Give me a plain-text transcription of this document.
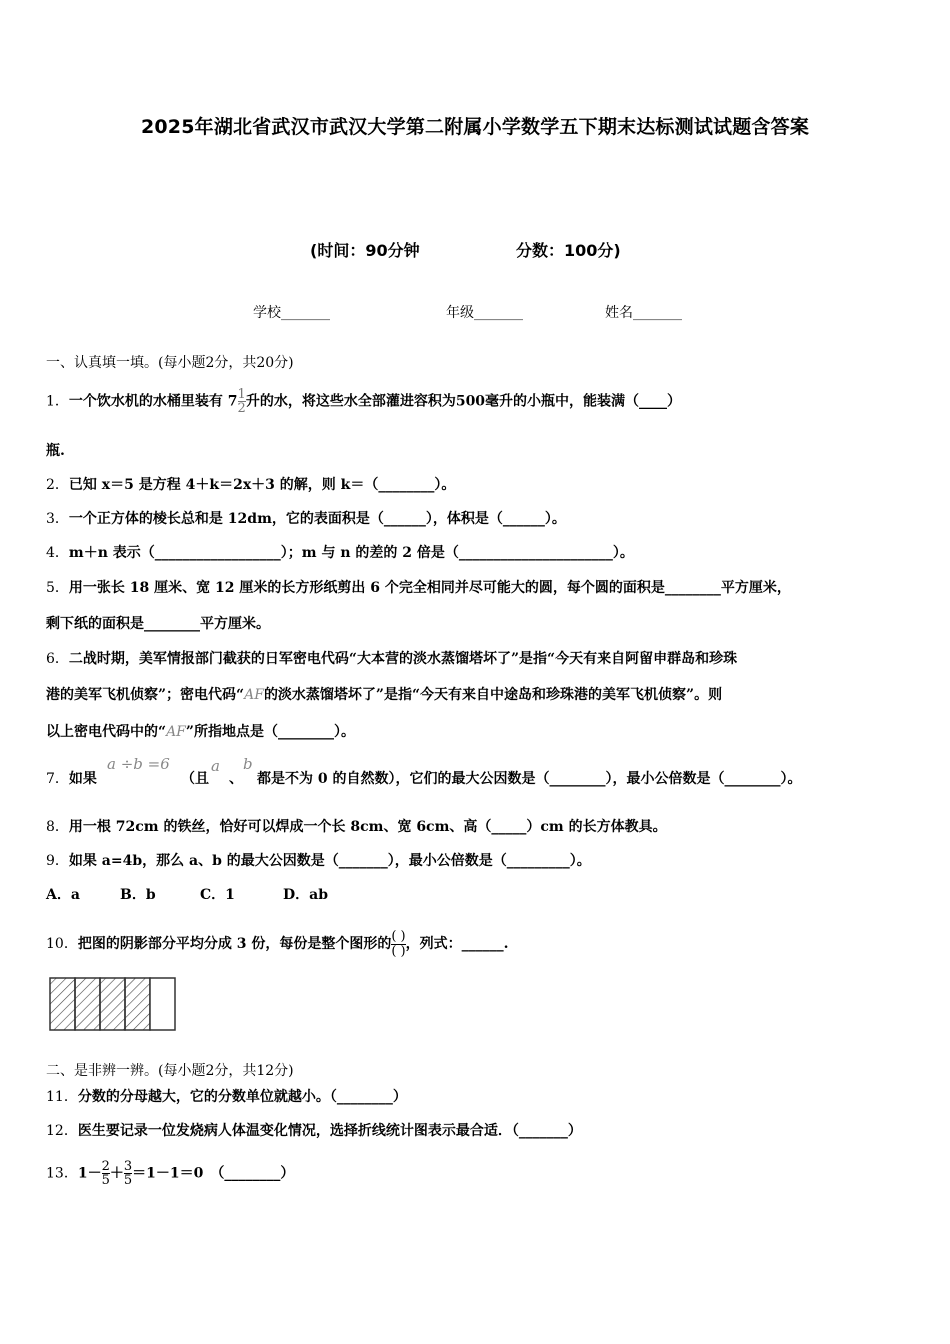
2025年湖北省武汉市武汉大学第二附属小学数学五下期末达标测试试题含答案
(时间：90分钟	分数：100分)
学校_______	年级_______	姓名_______
一、认真填一填。(每小题2分，共20分)
1．一个饮水机的水桶里装有 $7 \frac{1}{2}$ 升的水，将这些水全部灌进容积为500毫升的小瓶中，能装满（____）
瓶.
2．已知 x＝5 是方程 4＋k＝2x＋3 的解，则 k＝（________）。
3．一个正方体的棱长总和是 12dm，它的表面积是（______），体积是（______）。
4．m＋n 表示（__________________）；m 与 n 的差的 2 倍是（______________________）。
5．用一张长 18 厘米、宽 12 厘米的长方形纸剪出 6 个完全相同并尽可能大的圆，每个圆的面积是________平方厘米，
剩下纸的面积是________平方厘米。
6．二战时期，美军情报部门截获的日军密电代码“大本营的淡水蒸馏塔坏了”是指“今天有来自阿留申群岛和珍珠
港的美军飞机侦察”；密电代码“AF的淡水蒸馏塔坏了”是指“今天有来自中途岛和珍珠港的美军飞机侦察”。则
以上密电代码中的“AF”所指地点是（________）。
7．如果
a ÷b =6
（且
a
、
b
都是不为 0 的自然数），它们的最大公因数是（________），最小公倍数是（________）。
8．用一根 72cm 的铁丝，恰好可以焊成一个长 8cm、宽 6cm、高（_____）cm 的长方体教具。
9．如果 a=4b，那么 a、b 的最大公因数是（_______），最小公倍数是（_________）。
A．a	B．b	C．1	D．ab
10．把图的阴影部分平均分成 3 份，每份是整个图形的 $\frac{( )}{( )}$ ，列式：______.
二、是非辨一辨。(每小题2分，共12分)
11．分数的分母越大，它的分数单位就越小。（________）
12．医生要记录一位发烧病人体温变化情况，选择折线统计图表示最合适．（_______）
13．$1- \frac{2}{5} + \frac{3}{5} =1-1=0$　（________）
